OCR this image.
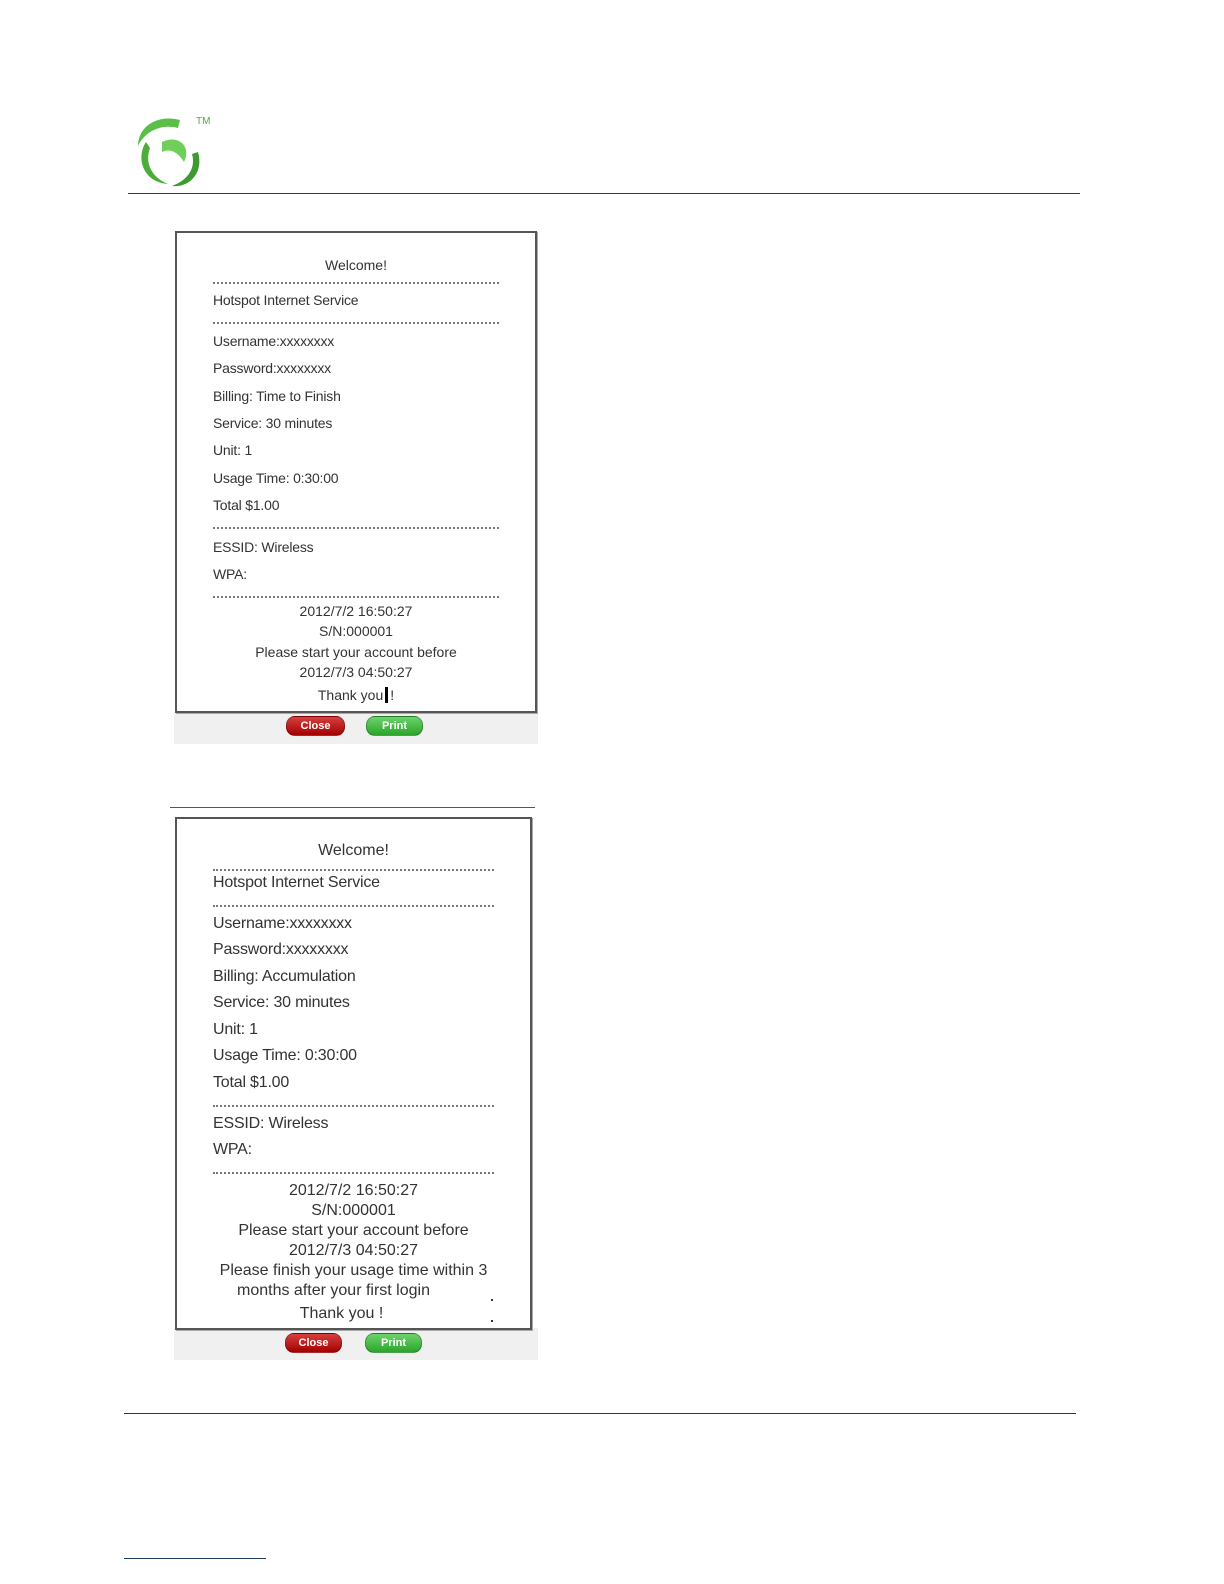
TM
Welcome!
Hotspot Internet Service
Username:xxxxxxxx
Password:xxxxxxxx
Billing: Time to Finish
Service: 30 minutes
Unit: 1
Usage Time: 0:30:00
Total $1.00
ESSID: Wireless
WPA:
2012/7/2 16:50:27
S/N:000001
Please start your account before
2012/7/3 04:50:27
Thank you !
Close	Print
Welcome!
Hotspot Internet Service
Username:xxxxxxxx
Password:xxxxxxxx
Billing: Accumulation
Service: 30 minutes
Unit: 1
Usage Time: 0:30:00
Total $1.00
ESSID: Wireless
WPA:
2012/7/2 16:50:27
S/N:000001
Please start your account before
2012/7/3 04:50:27
Please finish your usage time within 3
months after your first login
Thank you !
Close	Print
